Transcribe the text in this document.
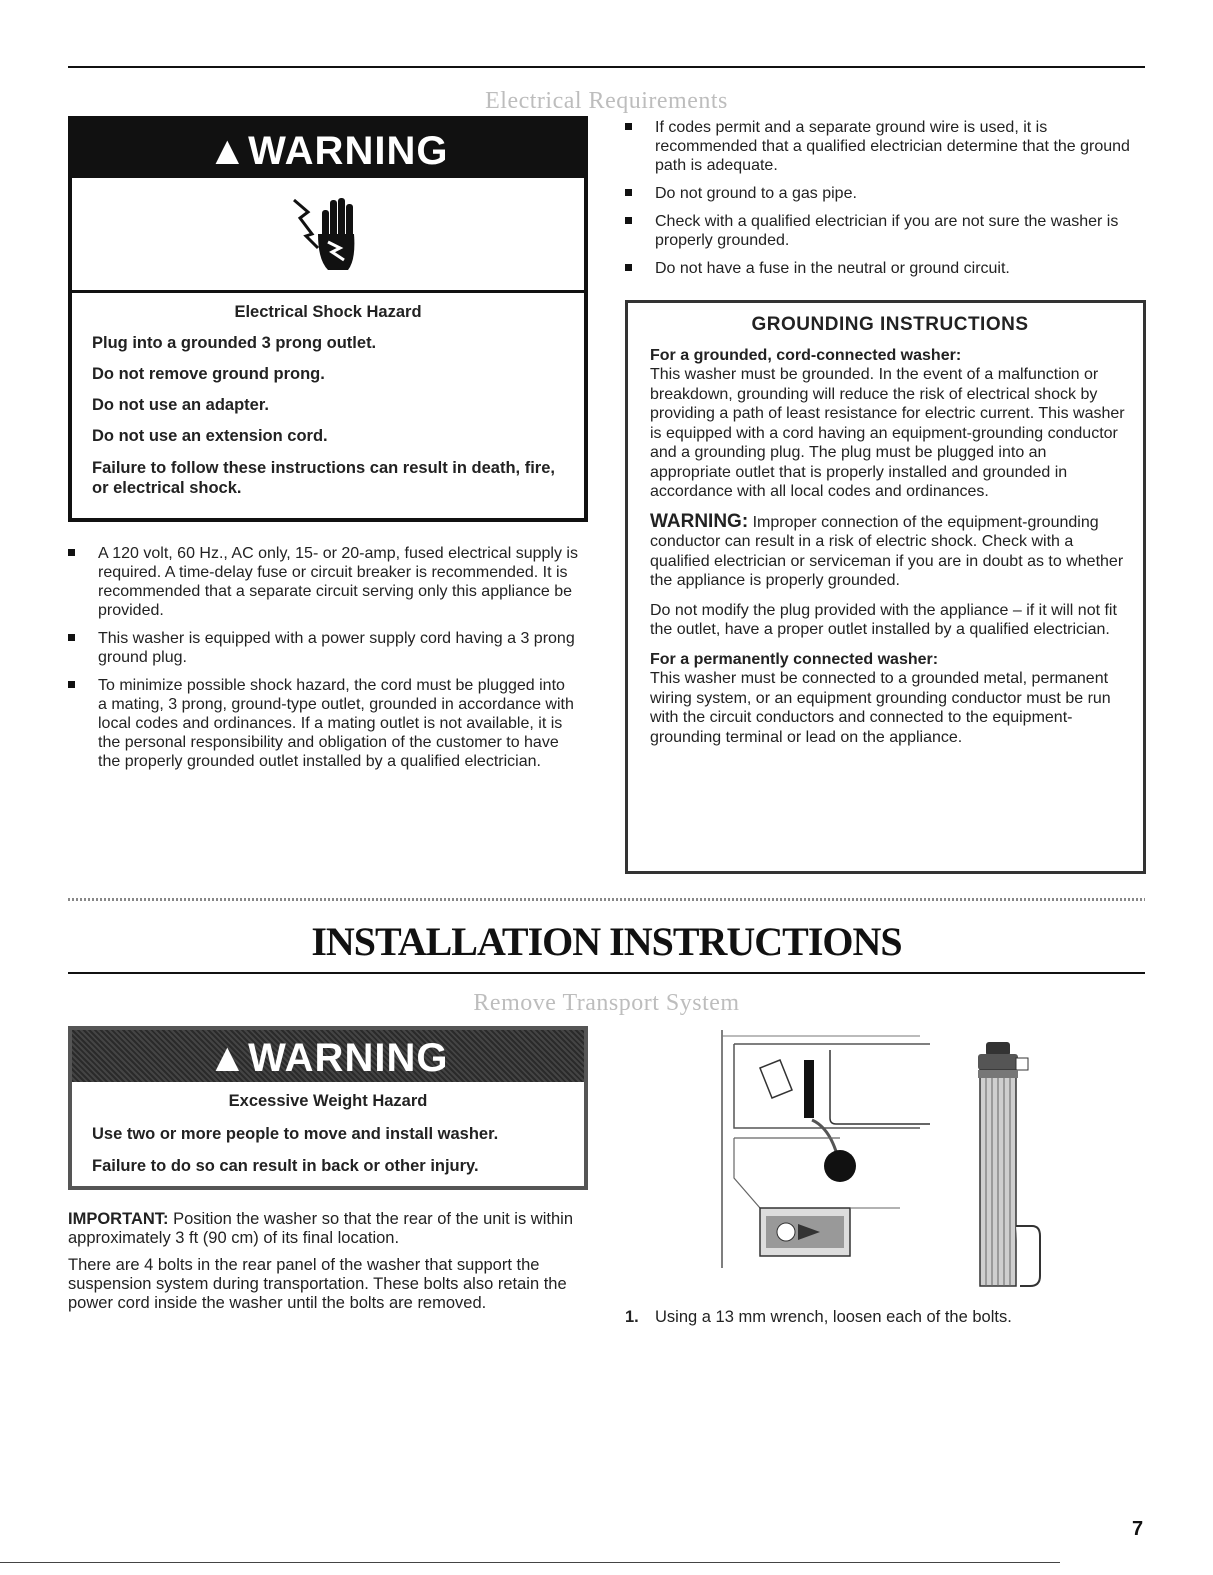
Electrical Requirements
▲WARNING
Electrical Shock Hazard
Plug into a grounded 3 prong outlet.
Do not remove ground prong.
Do not use an adapter.
Do not use an extension cord.
Failure to follow these instructions can result in death, fire, or electrical shock.
A 120 volt, 60 Hz., AC only, 15- or 20-amp, fused electrical supply is required. A time-delay fuse or circuit breaker is recommended. It is recommended that a separate circuit serving only this appliance be provided.
This washer is equipped with a power supply cord having a 3 prong ground plug.
To minimize possible shock hazard, the cord must be plugged into a mating, 3 prong, ground-type outlet, grounded in accordance with local codes and ordinances. If a mating outlet is not available, it is the personal responsibility and obligation of the customer to have the properly grounded outlet installed by a qualified electrician.
If codes permit and a separate ground wire is used, it is recommended that a qualified electrician determine that the ground path is adequate.
Do not ground to a gas pipe.
Check with a qualified electrician if you are not sure the washer is properly grounded.
Do not have a fuse in the neutral or ground circuit.
GROUNDING INSTRUCTIONS
For a grounded, cord-connected washer:
This washer must be grounded. In the event of a malfunction or breakdown, grounding will reduce the risk of electrical shock by providing a path of least resistance for electric current. This washer is equipped with a cord having an equipment-grounding conductor and a grounding plug. The plug must be plugged into an appropriate outlet that is properly installed and grounded in accordance with all local codes and ordinances.
WARNING: Improper connection of the equipment-grounding conductor can result in a risk of electric shock. Check with a qualified electrician or serviceman if you are in doubt as to whether the appliance is properly grounded.
Do not modify the plug provided with the appliance – if it will not fit the outlet, have a proper outlet installed by a qualified electrician.
For a permanently connected washer:
This washer must be connected to a grounded metal, permanent wiring system, or an equipment grounding conductor must be run with the circuit conductors and connected to the equipment-grounding terminal or lead on the appliance.
INSTALLATION INSTRUCTIONS
Remove Transport System
▲WARNING
Excessive Weight Hazard
Use two or more people to move and install washer.
Failure to do so can result in back or other injury.
IMPORTANT: Position the washer so that the rear of the unit is within approximately 3 ft (90 cm) of its final location.
There are 4 bolts in the rear panel of the washer that support the suspension system during transportation. These bolts also retain the power cord inside the washer until the bolts are removed.
1. Using a 13 mm wrench, loosen each of the bolts.
7
